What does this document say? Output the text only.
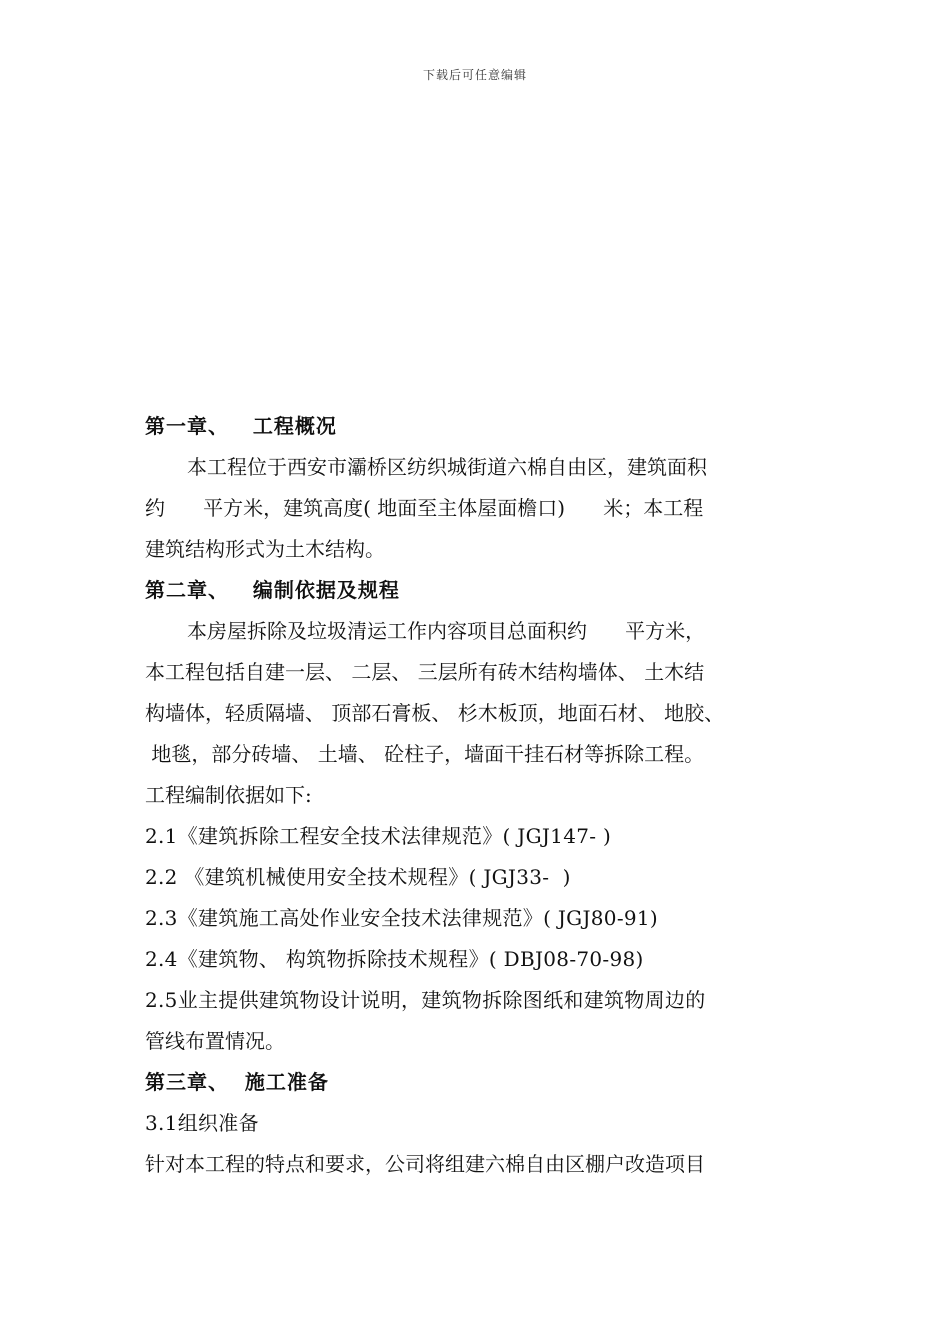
下载后可任意编辑
第一章、   工程概况
本工程位于西安市灞桥区纺织城街道六棉自由区，建筑面积
约      平方米，建筑高度( 地面至主体屋面檐口)      米；本工程
建筑结构形式为土木结构。
第二章、   编制依据及规程
本房屋拆除及垃圾清运工作内容项目总面积约      平方米，
本工程包括自建一层、 二层、 三层所有砖木结构墙体、 土木结
构墙体，轻质隔墙、 顶部石膏板、 杉木板顶，地面石材、 地胶、
地毯，部分砖墙、 土墙、 砼柱子，墙面干挂石材等拆除工程。
工程编制依据如下:
2.1《建筑拆除工程安全技术法律规范》( JGJ147- )
2.2 《建筑机械使用安全技术规程》( JGJ33-  )
2.3《建筑施工高处作业安全技术法律规范》( JGJ80-91)
2.4《建筑物、 构筑物拆除技术规程》( DBJ08-70-98)
2.5业主提供建筑物设计说明，建筑物拆除图纸和建筑物周边的
管线布置情况。
第三章、  施工准备
3.1组织准备
针对本工程的特点和要求，公司将组建六棉自由区棚户改造项目
